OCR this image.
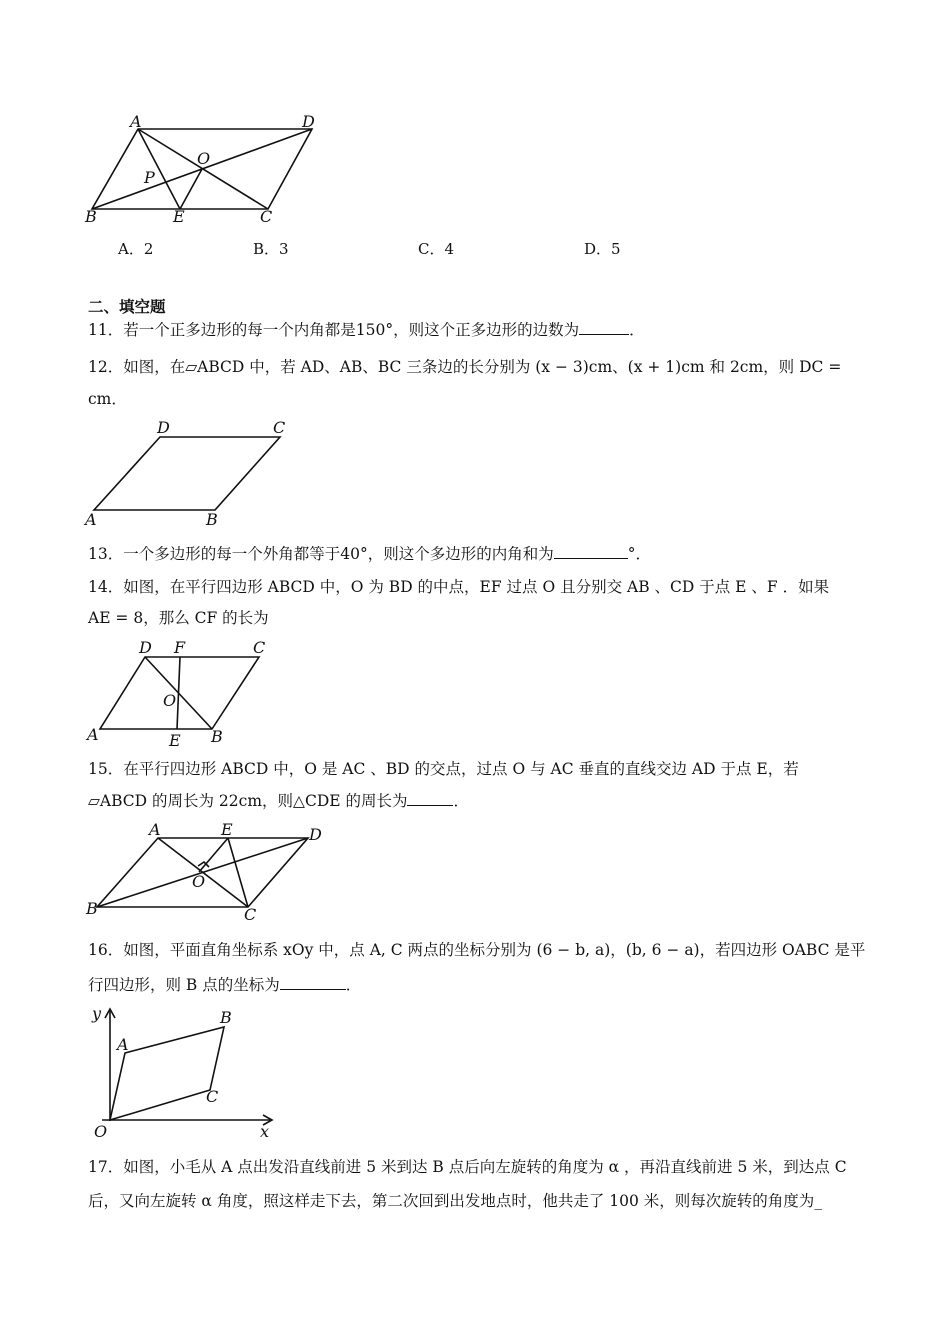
A	D
O
P
B	E	C
A．2	B．3	C．4	D．5
二、填空题
11．若一个正多边形的每一个内角都是150°，则这个正多边形的边数为	．
12．如图，在▱ABCD 中，若 AD、AB、BC 三条边的长分别为 (x − 3)cm、(x + 1)cm 和 2cm，则 DC =
cm．
D	C
A	B
13．一个多边形的每一个外角都等于40°，则这个多边形的内角和为	°．
14．如图，在平行四边形 ABCD 中，O 为 BD 的中点，EF 过点 O 且分别交 AB 、CD 于点 E 、F ．如果
AE = 8，那么 CF 的长为
D F	C
O
A	E B
15．在平行四边形 ABCD 中，O 是 AC 、BD 的交点，过点 O 与 AC 垂直的直线交边 AD 于点 E，若
▱ABCD 的周长为 22cm，则△CDE 的周长为	．
A	E	D
O
B	C
16．如图，平面直角坐标系 xOy 中，点 A, C 两点的坐标分别为 (6 − b, a)，(b, 6 − a)，若四边形 OABC 是平
行四边形，则 B 点的坐标为	．
y
x
O
A
B
C
17．如图，小毛从 A 点出发沿直线前进 5 米到达 B 点后向左旋转的角度为 α ，再沿直线前进 5 米，到达点 C
后，又向左旋转 α 角度，照这样走下去，第二次回到出发地点时，他共走了 100 米，则每次旋转的角度为_
